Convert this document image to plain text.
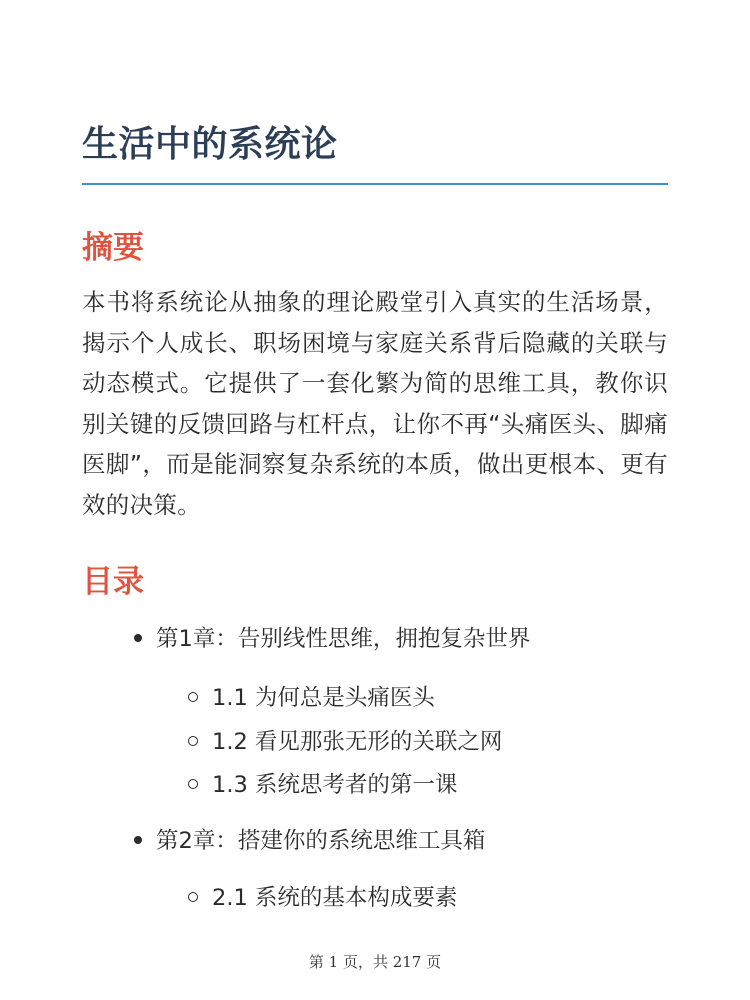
生活中的系统论
摘要

本书将系统论从抽象的理论殿堂引入真实的生活场景，揭示个人成长、职场困境与家庭关系背后隐藏的关联与动态模式。它提供了一套化繁为简的思维工具，教你识别关键的反馈回路与杠杆点，让你不再“头痛医头、脚痛医脚”，而是能洞察复杂系统的本质，做出更根本、更有效的决策。

目录
第1章：告别线性思维，拥抱复杂世界
1.1 为何总是头痛医头
1.2 看见那张无形的关联之网
1.3 系统思考者的第一课
第2章：搭建你的系统思维工具箱
2.1 系统的基本构成要素
第 1 页，共 217 页
